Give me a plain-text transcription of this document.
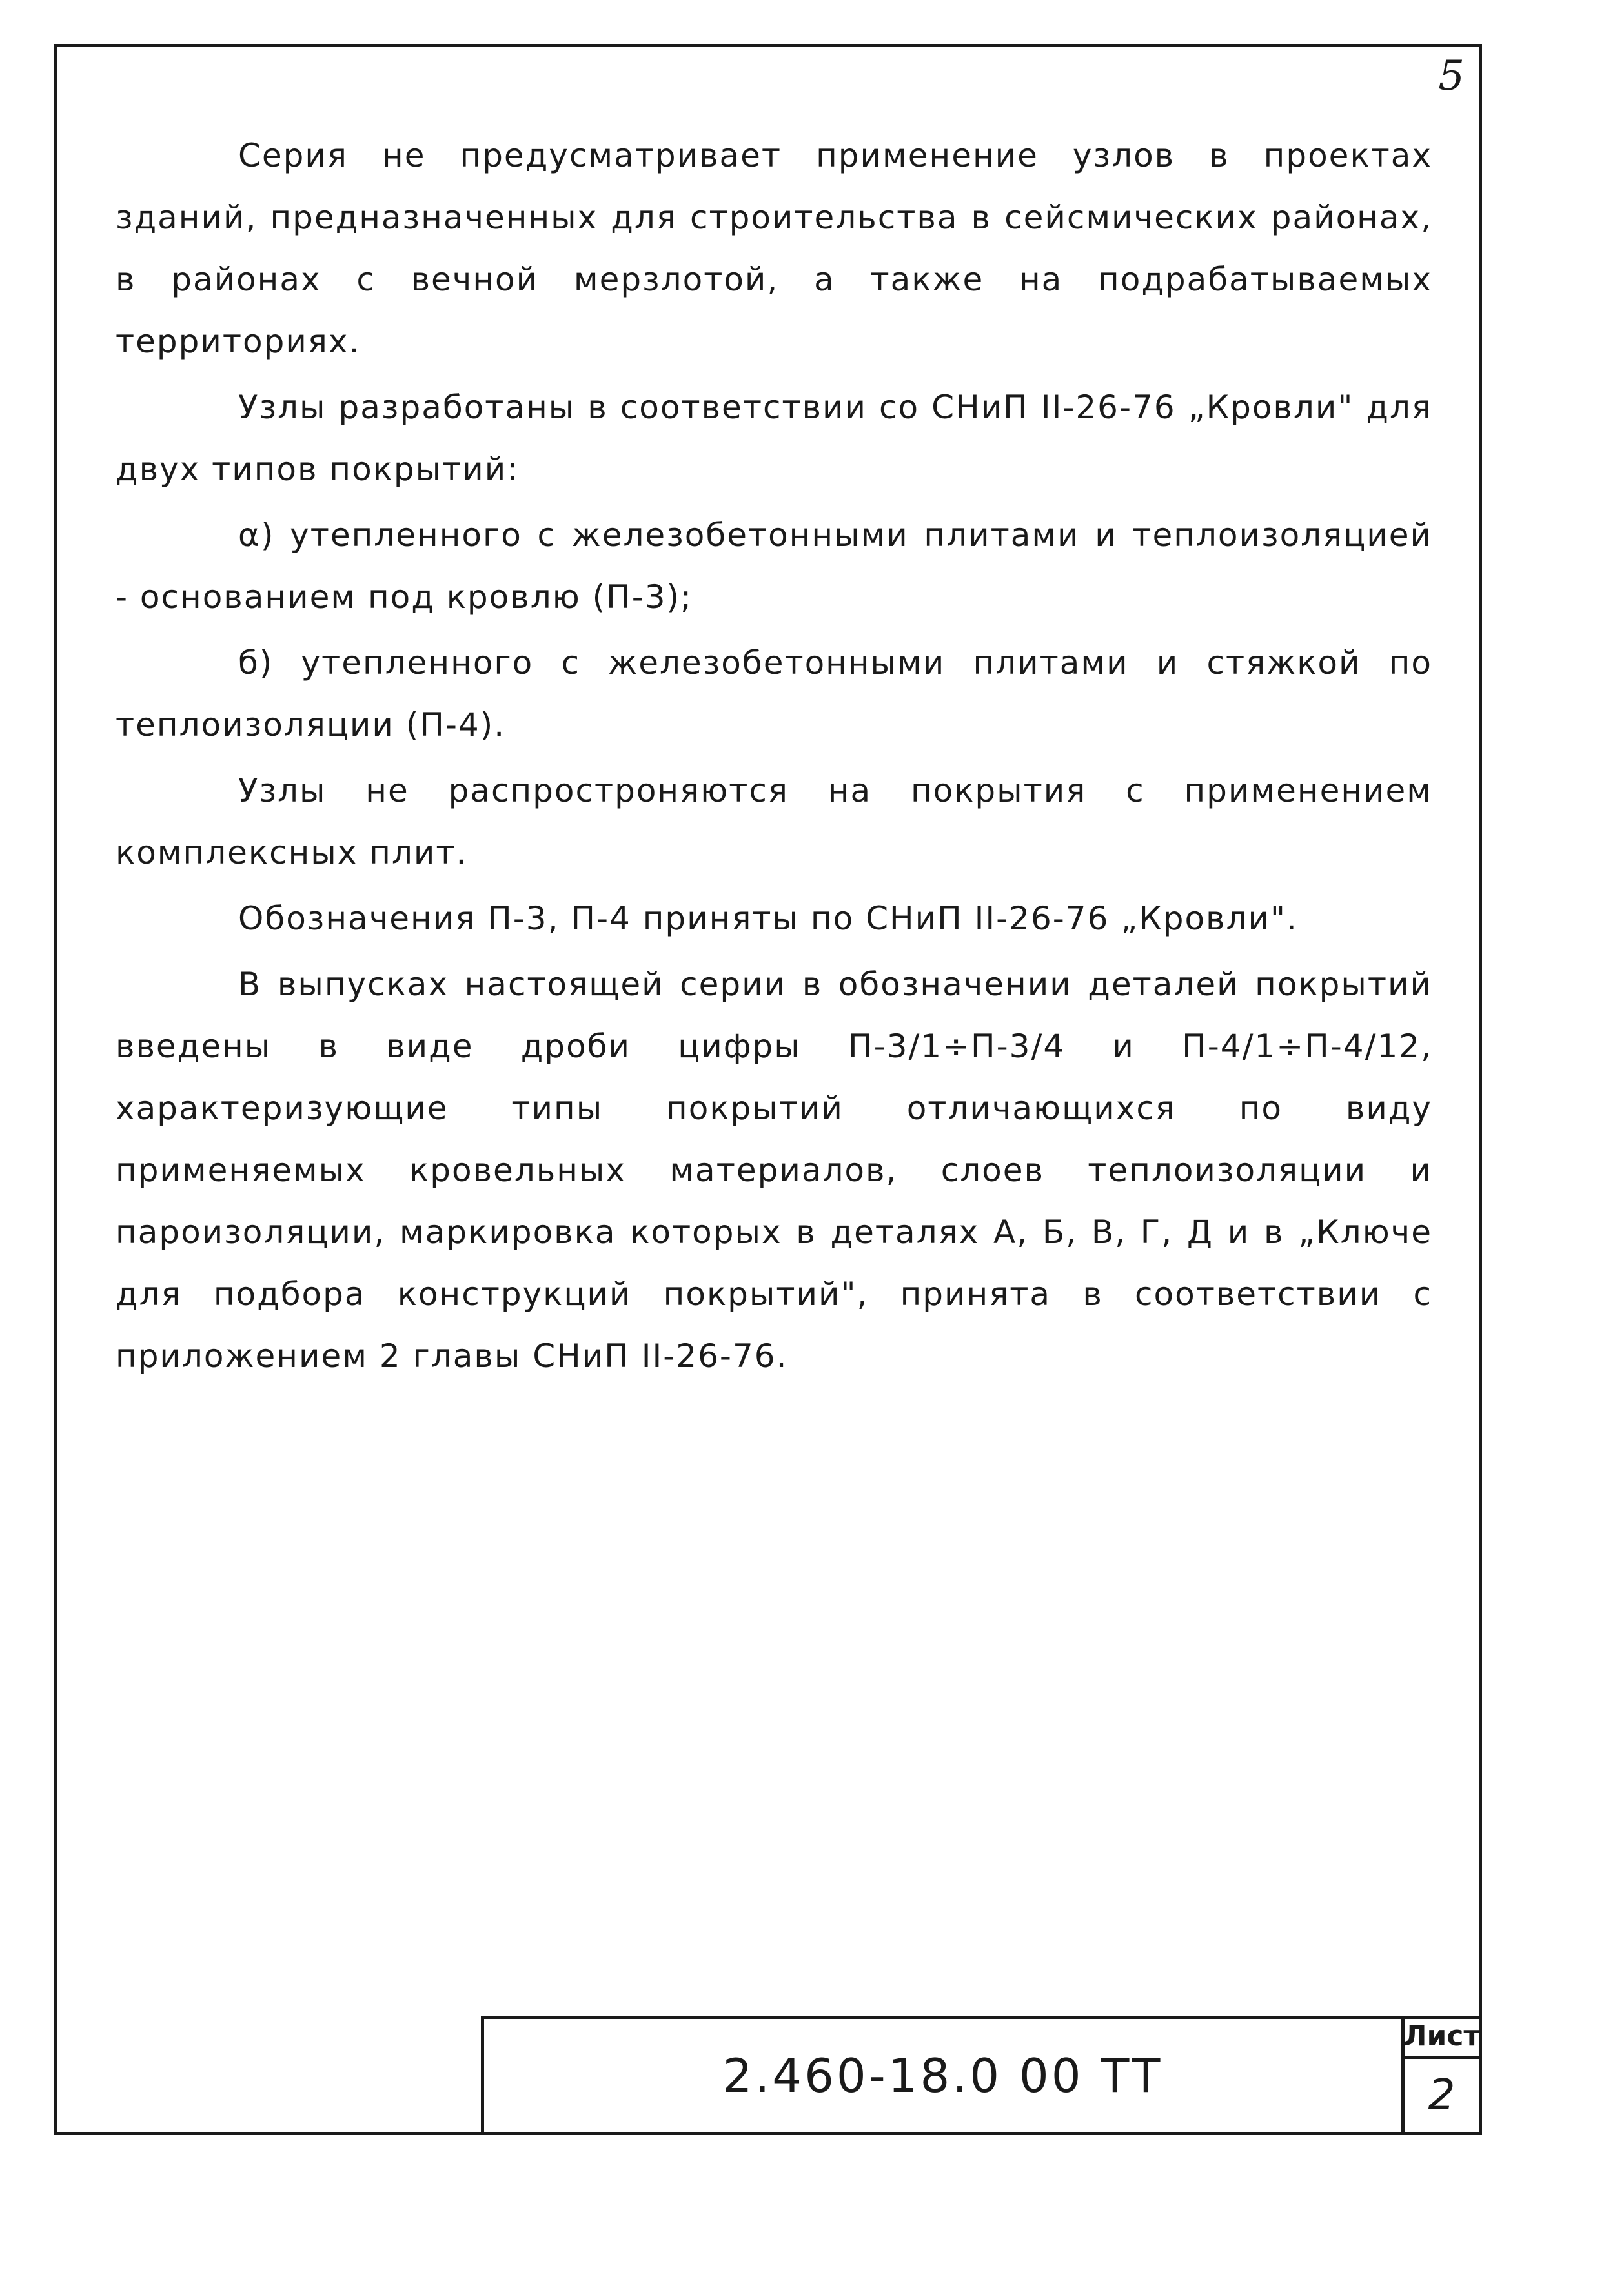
5

Серия не предусматривает применение узлов в проектах зданий, предназначенных для строительства в сейсмических районах, в районах с вечной мерзлотой, а также на подрабатываемых территориях.

Узлы разработаны в соответствии со СНиП II-26-76 „Кровли" для двух типов покрытий:

α) утепленного с железобетонными плитами и теплоизоляцией - основанием под кровлю (П-3);

б) утепленного с железобетонными плитами и стяжкой по теплоизоляции (П-4).

Узлы не распростроняются на покрытия с применением комплексных плит.

Обозначения П-3, П-4 приняты по СНиП II-26-76 „Кровли".

В выпусках настоящей серии в обозначении деталей покрытий введены в виде дроби цифры П-3/1÷П-3/4 и П-4/1÷П-4/12, характеризующие типы покрытий отличающихся по виду применяемых кровельных материалов, слоев теплоизоляции и пароизоляции, маркировка которых в деталях А, Б, В, Г, Д и в „Ключе для подбора конструкций покрытий", принята в соответствии с приложением 2 главы СНиП II-26-76.

2.460-18.0 00 ТТ
Лист
2
